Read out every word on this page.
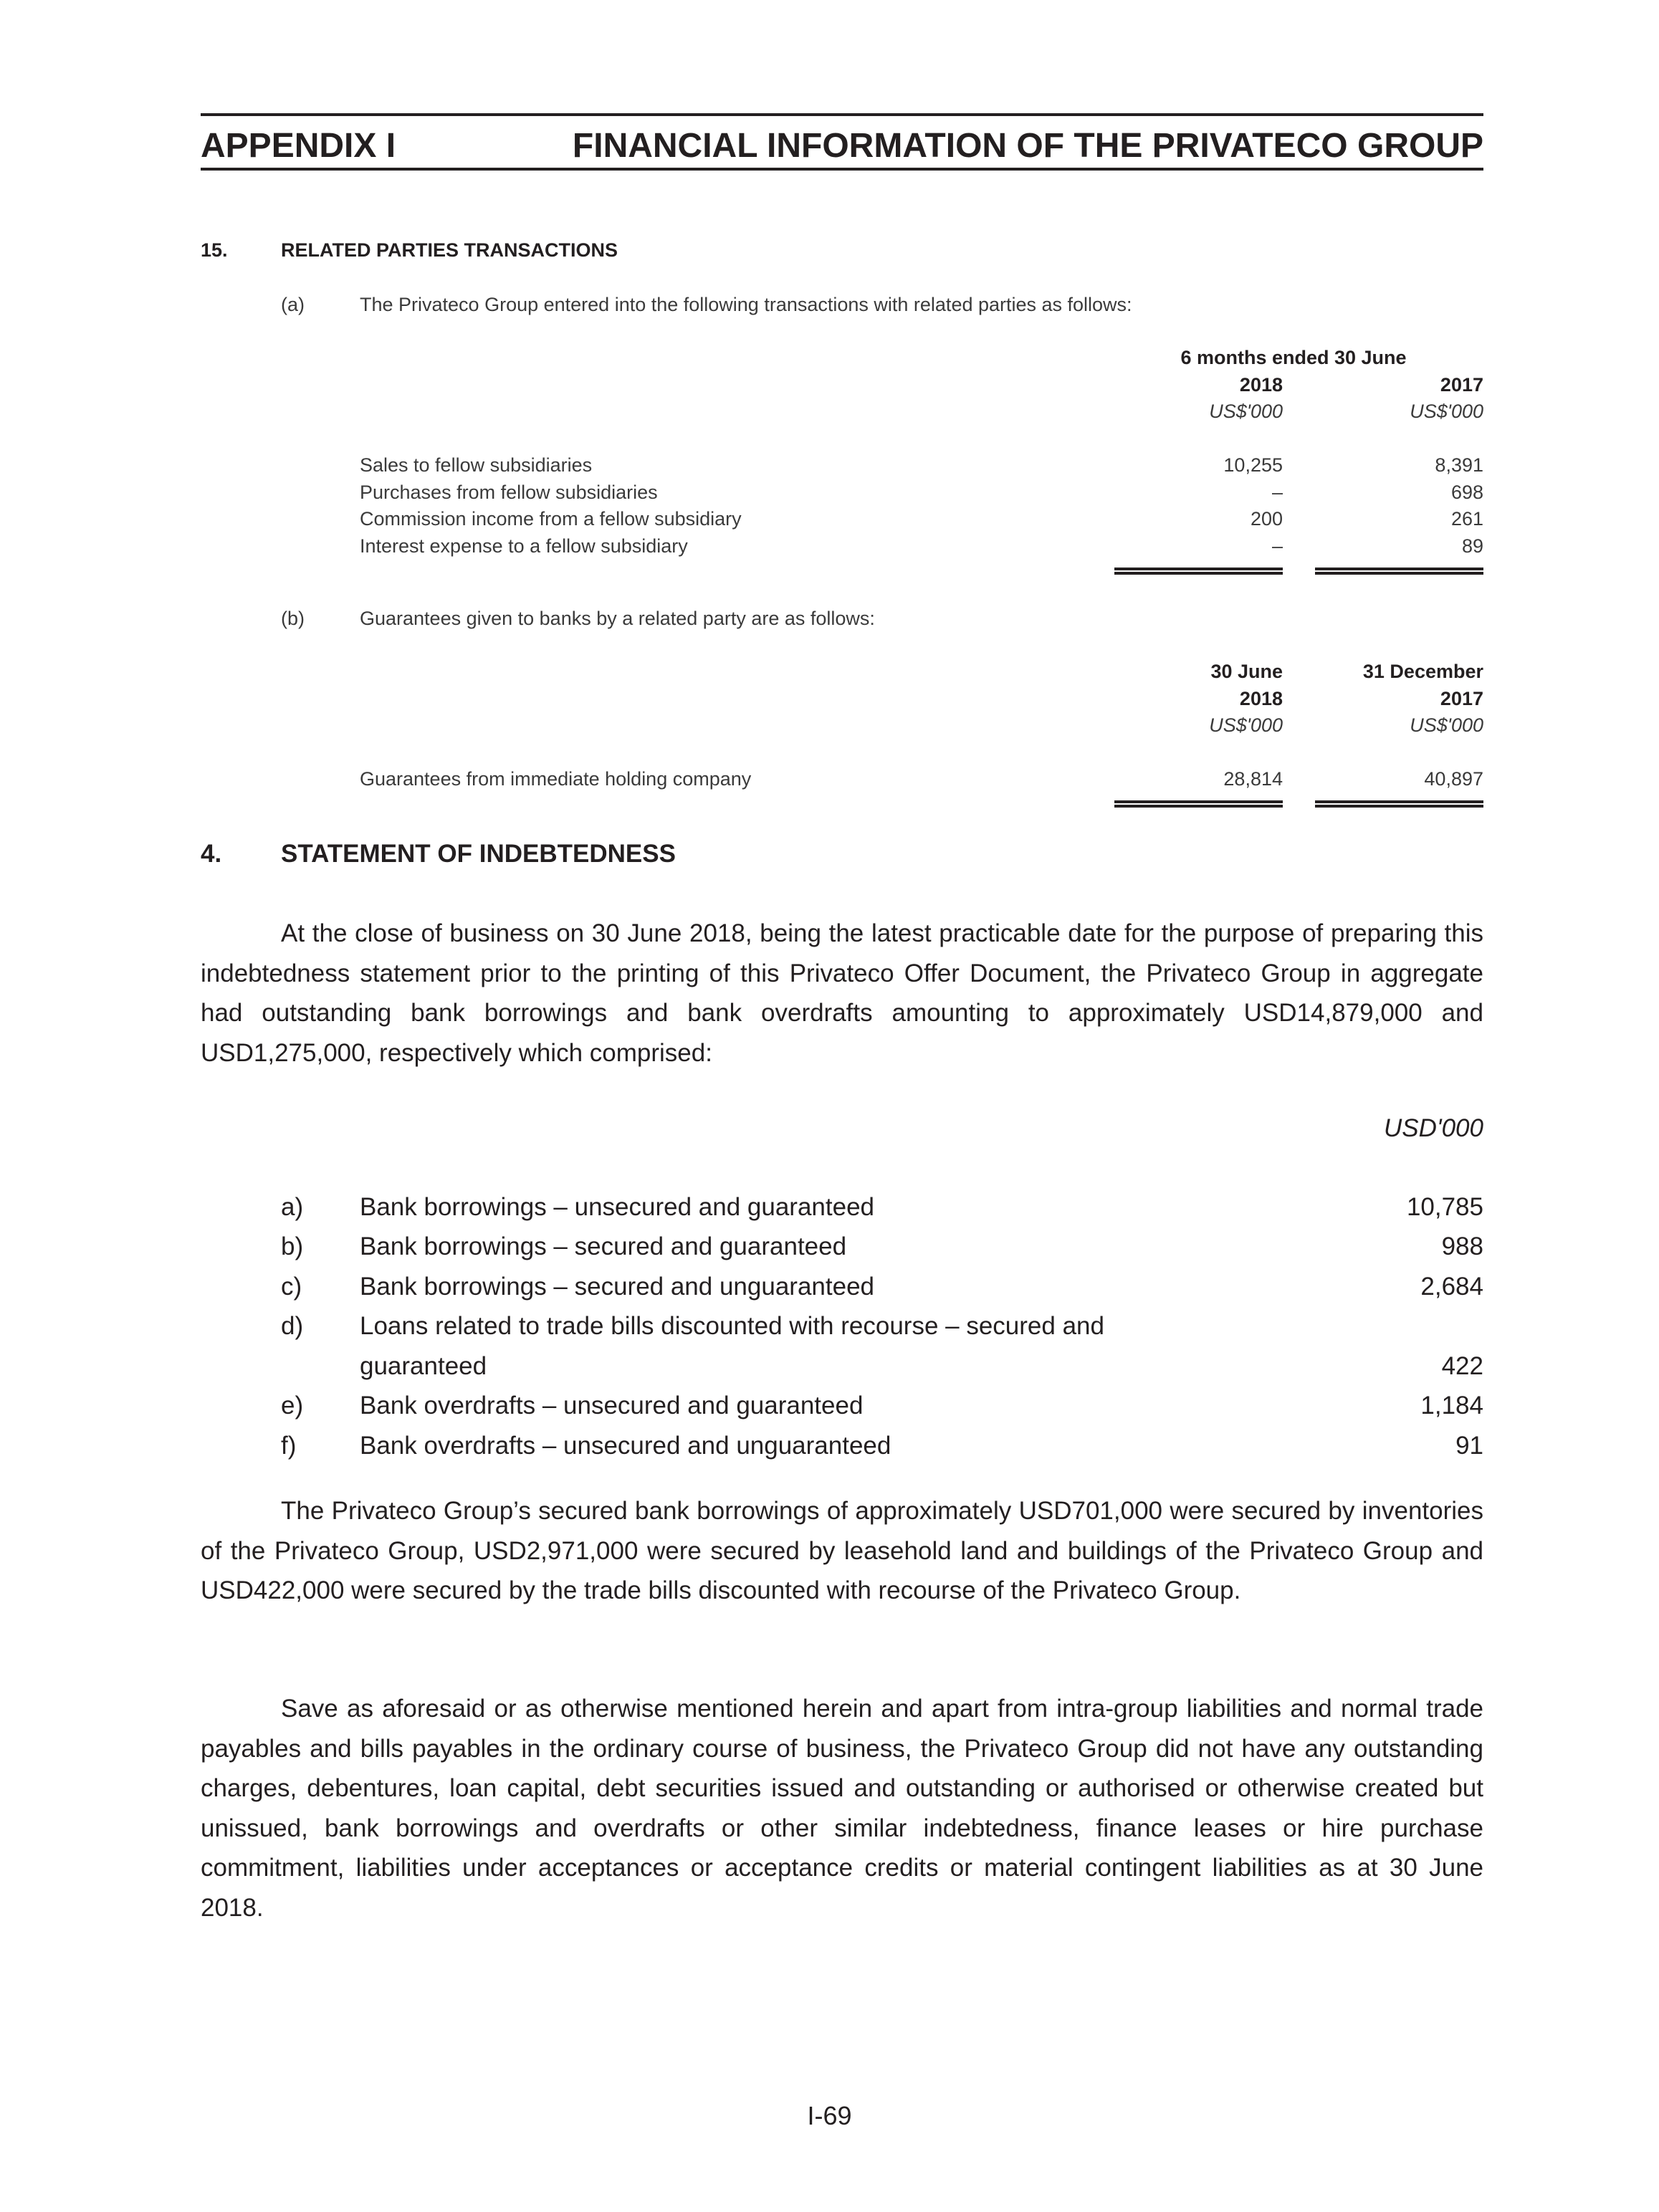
APPENDIX I	FINANCIAL INFORMATION OF THE PRIVATECO GROUP
15.	RELATED PARTIES TRANSACTIONS
(a)	The Privateco Group entered into the following transactions with related parties as follows:
6 months ended 30 June
2018	2017
US$'000	US$'000
Sales to fellow subsidiaries	10,255	8,391
Purchases from fellow subsidiaries	–	698
Commission income from a fellow subsidiary	200	261
Interest expense to a fellow subsidiary	–	89
(b)	Guarantees given to banks by a related party are as follows:
30 June	31 December
2018	2017
US$'000	US$'000
Guarantees from immediate holding company	28,814	40,897
4. STATEMENT OF INDEBTEDNESS
At the close of business on 30 June 2018, being the latest practicable date for the purpose of preparing this indebtedness statement prior to the printing of this Privateco Offer Document, the Privateco Group in aggregate had outstanding bank borrowings and bank overdrafts amounting to approximately USD14,879,000 and USD1,275,000, respectively which comprised:
USD'000
a) Bank borrowings – unsecured and guaranteed	10,785
b) Bank borrowings – secured and guaranteed	988
c) Bank borrowings – secured and unguaranteed	2,684
d) Loans related to trade bills discounted with recourse – secured and
guaranteed	422
e) Bank overdrafts – unsecured and guaranteed	1,184
f)	Bank overdrafts – unsecured and unguaranteed	91
The Privateco Group’s secured bank borrowings of approximately USD701,000 were secured by inventories of the Privateco Group, USD2,971,000 were secured by leasehold land and buildings of the Privateco Group and USD422,000 were secured by the trade bills discounted with recourse of the Privateco Group.
Save as aforesaid or as otherwise mentioned herein and apart from intra-group liabilities and normal trade payables and bills payables in the ordinary course of business, the Privateco Group did not have any outstanding charges, debentures, loan capital, debt securities issued and outstanding or authorised or otherwise created but unissued, bank borrowings and overdrafts or other similar indebtedness, finance leases or hire purchase commitment, liabilities under acceptances or acceptance credits or material contingent liabilities as at 30 June 2018.
I-69
